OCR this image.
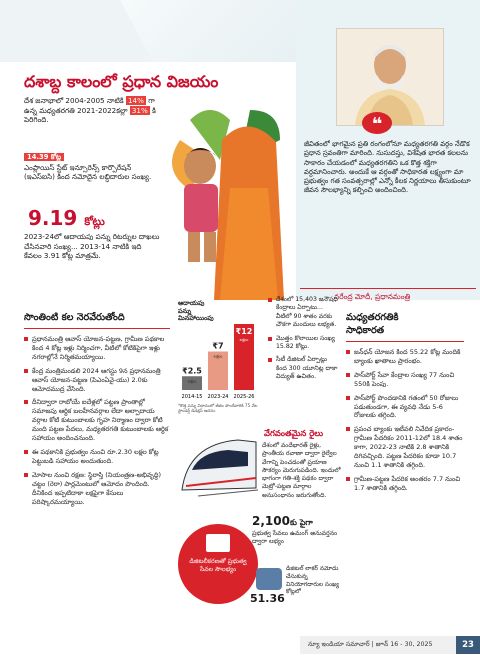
దశాబ్ద కాలంలో ప్రధాన విజయం
దేశ జనాభాలో 2004-2005 నాటికి 14% గా ఉన్న మధ్యతరగతి 2021-2022కల్లా 31% కి పెరిగింది.
14.39 కోట్ల
ఎంప్లాయిస్ స్టేట్ ఇన్సూరెన్స్ కార్పొరేషన్ (ఇఎస్ఐసి) కింద నమోదైన లబ్ధిదారుల సంఖ్య.
9.19 కోట్లు
2023-24లో ఆదాయపు పన్ను రిటర్నుల దాఖలు చేసినవారి సంఖ్య... 2013-14 నాటికి ఇది కేవలం 3.91 కోట్ల మాత్రమే.
❝
జీవితంలో భాగమైన ప్రతి రంగంలోనూ మధ్యతరగతి వర్గం నేడొక ప్రధాన స్రవంతిగా మారింది. నుసుదస్తు, విశేషిత భారత కలలను సాకారం చేయడంలో మధ్యతరగతిని ఒక కొత్త శక్తిగా వర్ధమానించారు. అందుకే ఆ వర్గంతో సాధికారత లక్ష్యంగా మా ప్రభుత్వం గత సంవత్సరాల్లో ఎన్నో కీలక నిర్ణయాలు తీసుకుంటూ జీవన సౌలభ్యాన్ని కల్పించి అందించింది.
నరేంద్ర మోదీ, ప్రధానమంత్రి
సొంతింటి కల నెరవేరుతోంది
ప్రధానమంత్రి ఆవాస్ యోజన-పట్టణ, గ్రామీణ పథకాల కింద 4 కోట్ల ఇళ్లు నిర్మించగా, వీటిలో కోటికిపైగా ఇళ్లు నగరాల్లోనే నిర్మితమయ్యాయి.
కేంద్ర మంత్రిమండలి 2024 ఆగస్టు 9న ప్రధానమంత్రి ఆవాస్ యోజన-పట్టణ (పిఎంఏవై-యు) 2.0కు ఆమోదముద్ర వేసింది.
దీనిద్వారా రాబోయే ఐదేళ్లలో పట్టణ ప్రాంతాల్లో సమాజపు ఆర్థిక బలహీనవర్గాల లేదా అల్పాదాయ వర్గాల కోటి కుటుంబాలకు గృహ నిర్మాణం ద్వారా కోటి మంది పట్టణ పేదలు, మధ్యతరగతి కుటుంబాలకు ఆర్థిక సహాయం అందించనుంది.
ఈ పథకానికి ప్రభుత్వం నుంచి రూ.2.30 లక్షల కోట్ల పెట్టుబడి సహాయం అందుతుంది.
మోసాల నుంచి రక్షణ: స్థిరాస్తి (నియంత్రణ-అభివృద్ధి) చట్టం (రెరా) పార్లమెంటులో ఆమోదం పొందింది. దీనికింద ఇప్పటిదాకా లక్షపైగా కేసులు పరిష్కారమయ్యాయి.
ఆదాయపు
పన్ను
మినహాయింపు
₹2.5
లక్షలు
2014-15
₹7
లక్షలు
2023-24
₹12
లక్షలు
2025-26
*కొత్త పన్ను విధానంలో జీతం పొందేవారికి 75 వేల స్టాండర్డ్ డిడక్షన్ అదనం
దేశంలో 15,403 జనౌషధి కేంద్రాలు ఏర్పాటు... వీటిలో 90 శాతం వరకు చౌకగా మందులు లభ్యత.
మొత్తం కొలాయిల సంఖ్య 15.82 కోట్లు.
సీటీ డిజిటల్ ఏర్పాట్లు కింద 300 యూనిట్ల దాకా విద్యుత్ ఉచితం.
వేగవంతమైన రైలు
దేశంలో వందేభారత్ రైళ్లు, ప్రాంతీయ రవాణా ద్వారా రైల్వేల వేగాన్ని పెంచడంతో ప్రయాణ సౌకర్యం మెరుగుపడింది. ఇందులో భాగంగా గతి-శక్తి పథకం ద్వారా మెట్రో-పట్టణ మార్గాల అనుసంధానం జరుగుతోంది.
మధ్యతరగతికి
సాధికారత
జన్‌ధన్ యోజన కింద 55.22 కోట్ల మందికి బ్యాంకు ఖాతాలు ప్రారంభం.
పాస్‌పోర్ట్ సేవా కేంద్రాల సంఖ్య 77 నుంచి 550కి పెంపు.
పాస్‌పోర్ట్ పొందడానికి గతంలో 50 రోజులు పడుతుండగా, ఈ వ్యవధి నేడు 5-6 రోజులకు తగ్గింది.
ప్రపంచ బ్యాంకు ఇటీవలి నివేదిక ప్రకారం- గ్రామీణ పేదరికం 2011-12లో 18.4 శాతం కాగా, 2022-23 నాటికి 2.8 శాతానికి దిగివచ్చింది. పట్టణ పేదరికం కూడా 10.7 నుంచి 1.1 శాతానికి తగ్గింది.
గ్రామీణ-పట్టణ పేదరిక అంతరం 7.7 నుంచి 1.7 శాతానికి తగ్గింది.
డిజిటలీకరణతో ప్రభుత్వ సేవల సౌలభ్యం
2,100కు పైగా
ప్రభుత్వ సేవలు ఉమంగ్ అనువర్తనం ద్వారా లభ్యం
51.36
డిజిటల్ లాకర్ నమోదు చేసుకున్న వినియోగదారుల సంఖ్య కోట్లలో
న్యూ ఇండియా సమాచార్ | జూన్ 16 - 30, 2025	23
